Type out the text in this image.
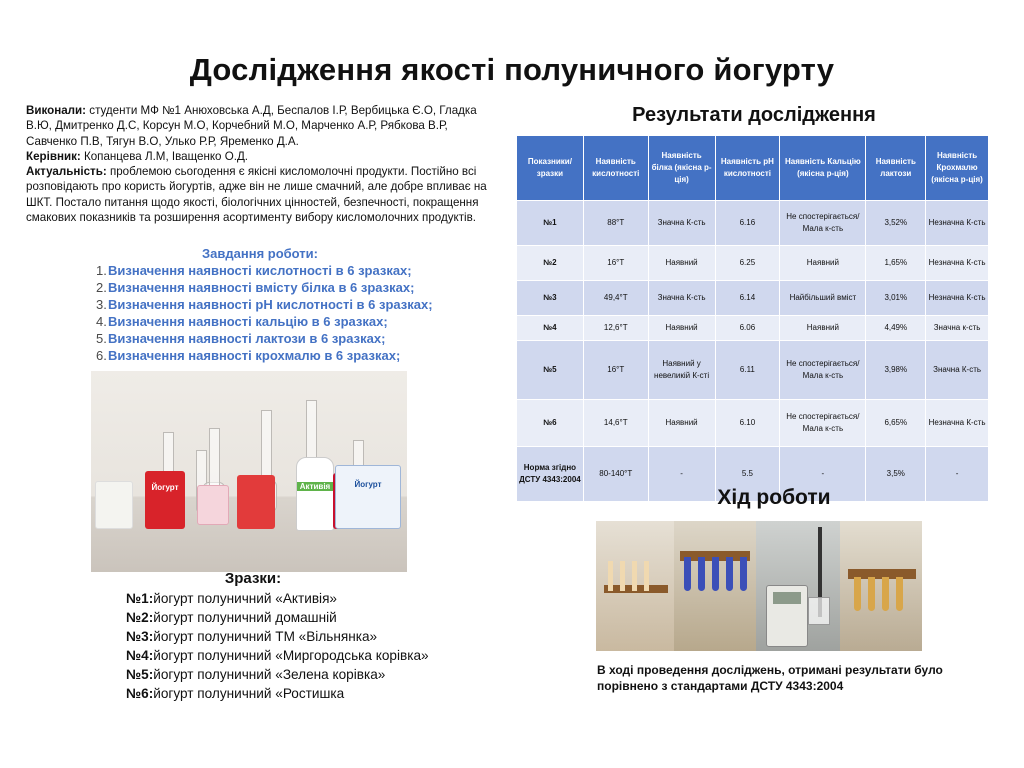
Дослідження якості полуничного йогурту

Виконали: студенти МФ №1 Анюховська А.Д, Беспалов І.Р, Вербицька Є.О, Гладка В.Ю, Дмитренко Д.С, Корсун М.О, Корчебний М.О, Марченко А.Р, Рябкова В.Р, Савченко П.В, Тягун В.О, Улько Р.Р, Яременко Д.А.

Керівник: Копанцева Л.М, Іващенко О.Д.

Актуальність: проблемою сьогодення є якісні кисломолочні продукти. Постійно всі розповідають про користь йогуртів, адже він не лише смачний, але добре впливає на ШКТ. Постало питання щодо якості, біологічних цінностей, безпечності, покращення смакових показників та розширення асортименту вибору кисломолочних продуктів.

Завдання роботи:
1.Визначення наявності кислотності в 6 зразках;
2.Визначення наявності вмісту білка в 6 зразках;
3.Визначення наявності pH кислотності в 6 зразках;
4.Визначення наявності кальцію в 6 зразках;
5.Визначення наявності лактози в 6 зразках;
6.Визначення наявності крохмалю в 6 зразках;
Йогурт	Активія	Йогурт
Зразки:
№1:йогурт полуничний «Активія»
№2:йогурт полуничний домашній
№3:йогурт полуничний ТМ «Вільнянка»
№4:йогурт полуничний «Миргородська корівка»
№5:йогурт полуничний «Зелена корівка»
№6:йогурт полуничний «Ростишка
Результати дослідження
Показники/ зразки	Наявність кислотності	Наявність білка (якісна р-ція)	Наявність pH кислотності	Наявність Кальцію (якісна р-ція)	Наявність лактози	Наявність Крохмалю (якісна р-ція)
№1	88°Т	Значна К-сть	6.16	Не спостерігається/ Мала к-сть	3,52%	Незначна К-сть
№2	16°Т	Наявний	6.25	Наявний	1,65%	Незначна К-сть
№3	49,4°Т	Значна К-сть	6.14	Найбільший вміст	3,01%	Незначна К-сть
№4	12,6°Т	Наявний	6.06	Наявний	4,49%	Значна к-сть
№5	16°Т	Наявний у невеликій К-сті	6.11	Не спостерігається/ Мала к-сть	3,98%	Значна К-сть
№6	14,6°Т	Наявний	6.10	Не спостерігається/ Мала к-сть	6,65%	Незначна К-сть
Норма згідно ДСТУ 4343:2004	80-140°Т	-	5.5	-	3,5%	-
Хід роботи
В ході проведення досліджень, отримані результати було порівнено з стандартами ДСТУ 4343:2004
